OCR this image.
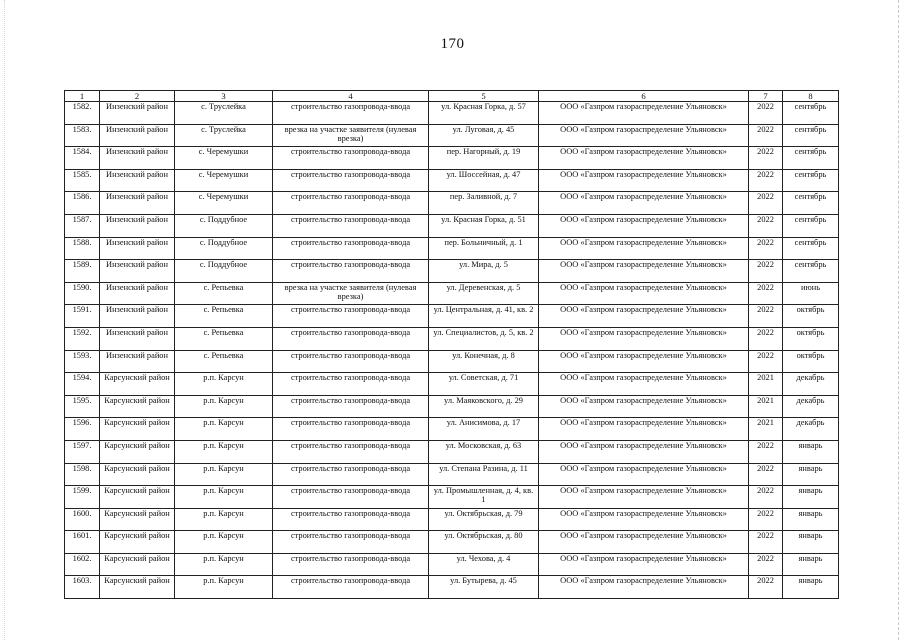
170
1	2	3	4	5	6	7	8
1582.	Инзенский район	с. Труслейка	строительство газопровода-ввода	ул. Красная Горка, д. 57	ООО «Газпром газораспределение Ульяновск»	2022	сентябрь
1583.	Инзенский район	с. Труслейка	врезка на участке заявителя (нулевая врезка)	ул. Луговая, д. 45	ООО «Газпром газораспределение Ульяновск»	2022	сентябрь
1584.	Инзенский район	с. Черемушки	строительство газопровода-ввода	пер. Нагорный, д. 19	ООО «Газпром газораспределение Ульяновск»	2022	сентябрь
1585.	Инзенский район	с. Черемушки	строительство газопровода-ввода	ул. Шоссейная, д. 47	ООО «Газпром газораспределение Ульяновск»	2022	сентябрь
1586.	Инзенский район	с. Черемушки	строительство газопровода-ввода	пер. Заливной, д. 7	ООО «Газпром газораспределение Ульяновск»	2022	сентябрь
1587.	Инзенский район	с. Поддубное	строительство газопровода-ввода	ул. Красная Горка, д. 51	ООО «Газпром газораспределение Ульяновск»	2022	сентябрь
1588.	Инзенский район	с. Поддубное	строительство газопровода-ввода	пер. Больничный, д. 1	ООО «Газпром газораспределение Ульяновск»	2022	сентябрь
1589.	Инзенский район	с. Поддубное	строительство газопровода-ввода	ул. Мира, д. 5	ООО «Газпром газораспределение Ульяновск»	2022	сентябрь
1590.	Инзенский район	с. Репьевка	врезка на участке заявителя (нулевая врезка)	ул. Деревенская, д. 5	ООО «Газпром газораспределение Ульяновск»	2022	июнь
1591.	Инзенский район	с. Репьевка	строительство газопровода-ввода	ул. Центральная, д. 41, кв. 2	ООО «Газпром газораспределение Ульяновск»	2022	октябрь
1592.	Инзенский район	с. Репьевка	строительство газопровода-ввода	ул. Специалистов, д. 5, кв. 2	ООО «Газпром газораспределение Ульяновск»	2022	октябрь
1593.	Инзенский район	с. Репьевка	строительство газопровода-ввода	ул. Конечная, д. 8	ООО «Газпром газораспределение Ульяновск»	2022	октябрь
1594.	Карсунский район	р.п. Карсун	строительство газопровода-ввода	ул. Советская, д. 71	ООО «Газпром газораспределение Ульяновск»	2021	декабрь
1595.	Карсунский район	р.п. Карсун	строительство газопровода-ввода	ул. Маяковского, д. 29	ООО «Газпром газораспределение Ульяновск»	2021	декабрь
1596.	Карсунский район	р.п. Карсун	строительство газопровода-ввода	ул. Анисимова, д. 17	ООО «Газпром газораспределение Ульяновск»	2021	декабрь
1597.	Карсунский район	р.п. Карсун	строительство газопровода-ввода	ул. Московская, д. 63	ООО «Газпром газораспределение Ульяновск»	2022	январь
1598.	Карсунский район	р.п. Карсун	строительство газопровода-ввода	ул. Степана Разина, д. 11	ООО «Газпром газораспределение Ульяновск»	2022	январь
1599.	Карсунский район	р.п. Карсун	строительство газопровода-ввода	ул. Промышленная, д. 4, кв. 1	ООО «Газпром газораспределение Ульяновск»	2022	январь
1600.	Карсунский район	р.п. Карсун	строительство газопровода-ввода	ул. Октябрьская, д. 79	ООО «Газпром газораспределение Ульяновск»	2022	январь
1601.	Карсунский район	р.п. Карсун	строительство газопровода-ввода	ул. Октябрьская, д. 80	ООО «Газпром газораспределение Ульяновск»	2022	январь
1602.	Карсунский район	р.п. Карсун	строительство газопровода-ввода	ул. Чехова, д. 4	ООО «Газпром газораспределение Ульяновск»	2022	январь
1603.	Карсунский район	р.п. Карсун	строительство газопровода-ввода	ул. Бутырева, д. 45	ООО «Газпром газораспределение Ульяновск»	2022	январь
